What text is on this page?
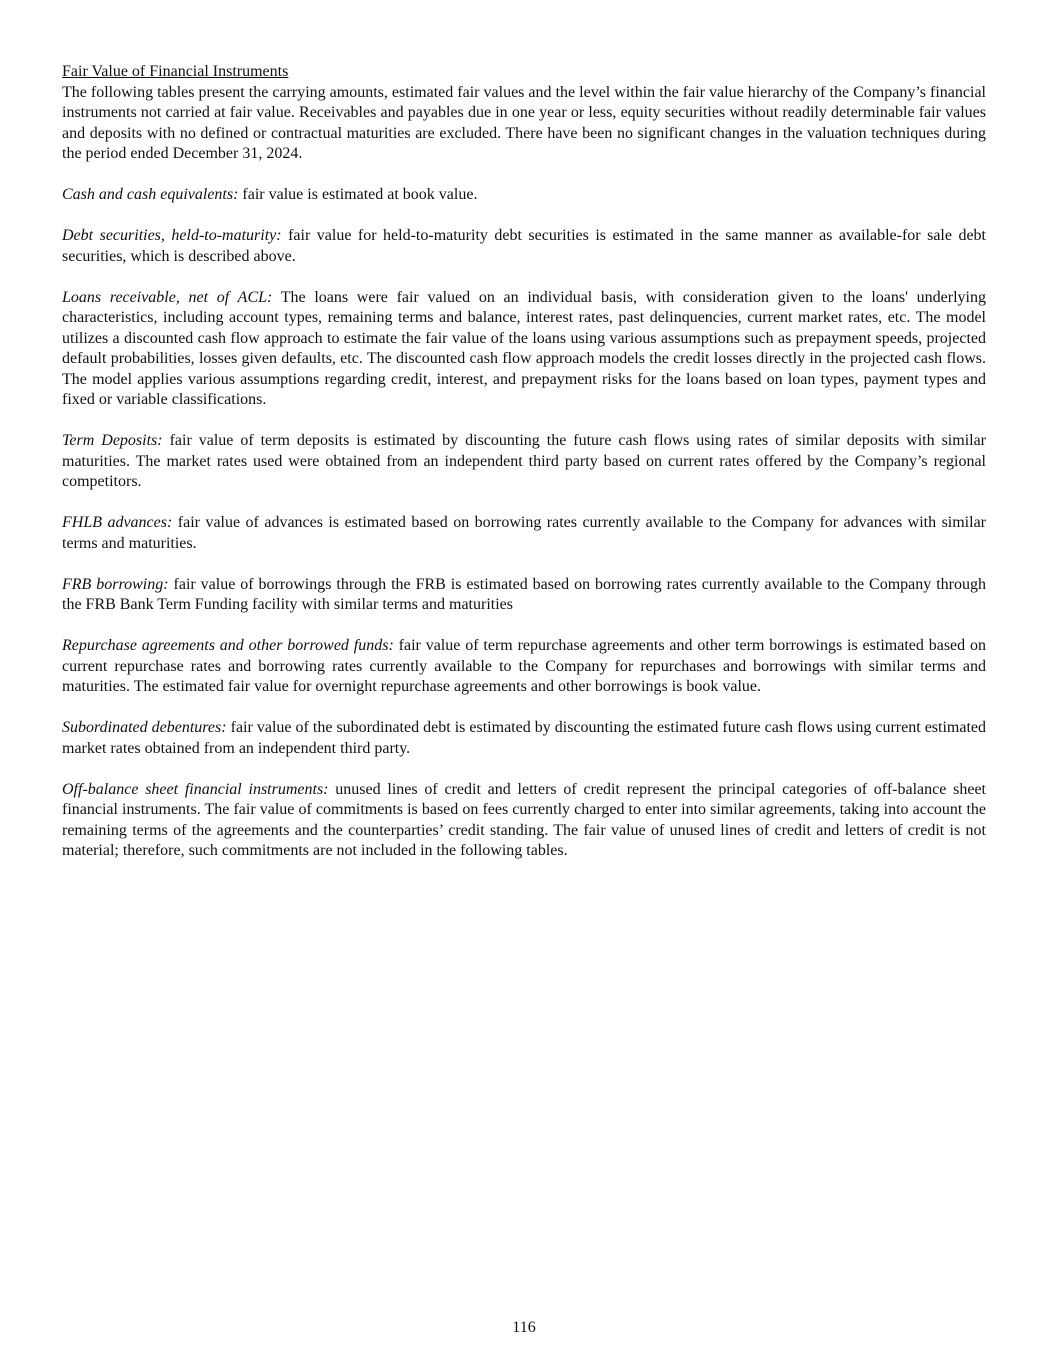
Fair Value of Financial Instruments

The following tables present the carrying amounts, estimated fair values and the level within the fair value hierarchy of the Company’s financial instruments not carried at fair value. Receivables and payables due in one year or less, equity securities without readily determinable fair values and deposits with no defined or contractual maturities are excluded. There have been no significant changes in the valuation techniques during the period ended December 31, 2024.

Cash and cash equivalents: fair value is estimated at book value.

Debt securities, held-to-maturity: fair value for held-to-maturity debt securities is estimated in the same manner as available-for sale debt securities, which is described above.

Loans receivable, net of ACL: The loans were fair valued on an individual basis, with consideration given to the loans' underlying characteristics, including account types, remaining terms and balance, interest rates, past delinquencies, current market rates, etc. The model utilizes a discounted cash flow approach to estimate the fair value of the loans using various assumptions such as prepayment speeds, projected default probabilities, losses given defaults, etc. The discounted cash flow approach models the credit losses directly in the projected cash flows. The model applies various assumptions regarding credit, interest, and prepayment risks for the loans based on loan types, payment types and fixed or variable classifications.

Term Deposits: fair value of term deposits is estimated by discounting the future cash flows using rates of similar deposits with similar maturities. The market rates used were obtained from an independent third party based on current rates offered by the Company’s regional competitors.

FHLB advances: fair value of advances is estimated based on borrowing rates currently available to the Company for advances with similar terms and maturities.

FRB borrowing: fair value of borrowings through the FRB is estimated based on borrowing rates currently available to the Company through the FRB Bank Term Funding facility with similar terms and maturities

Repurchase agreements and other borrowed funds: fair value of term repurchase agreements and other term borrowings is estimated based on current repurchase rates and borrowing rates currently available to the Company for repurchases and borrowings with similar terms and maturities. The estimated fair value for overnight repurchase agreements and other borrowings is book value.

Subordinated debentures: fair value of the subordinated debt is estimated by discounting the estimated future cash flows using current estimated market rates obtained from an independent third party.

Off-balance sheet financial instruments: unused lines of credit and letters of credit represent the principal categories of off-balance sheet financial instruments. The fair value of commitments is based on fees currently charged to enter into similar agreements, taking into account the remaining terms of the agreements and the counterparties’ credit standing. The fair value of unused lines of credit and letters of credit is not material; therefore, such commitments are not included in the following tables.

116
